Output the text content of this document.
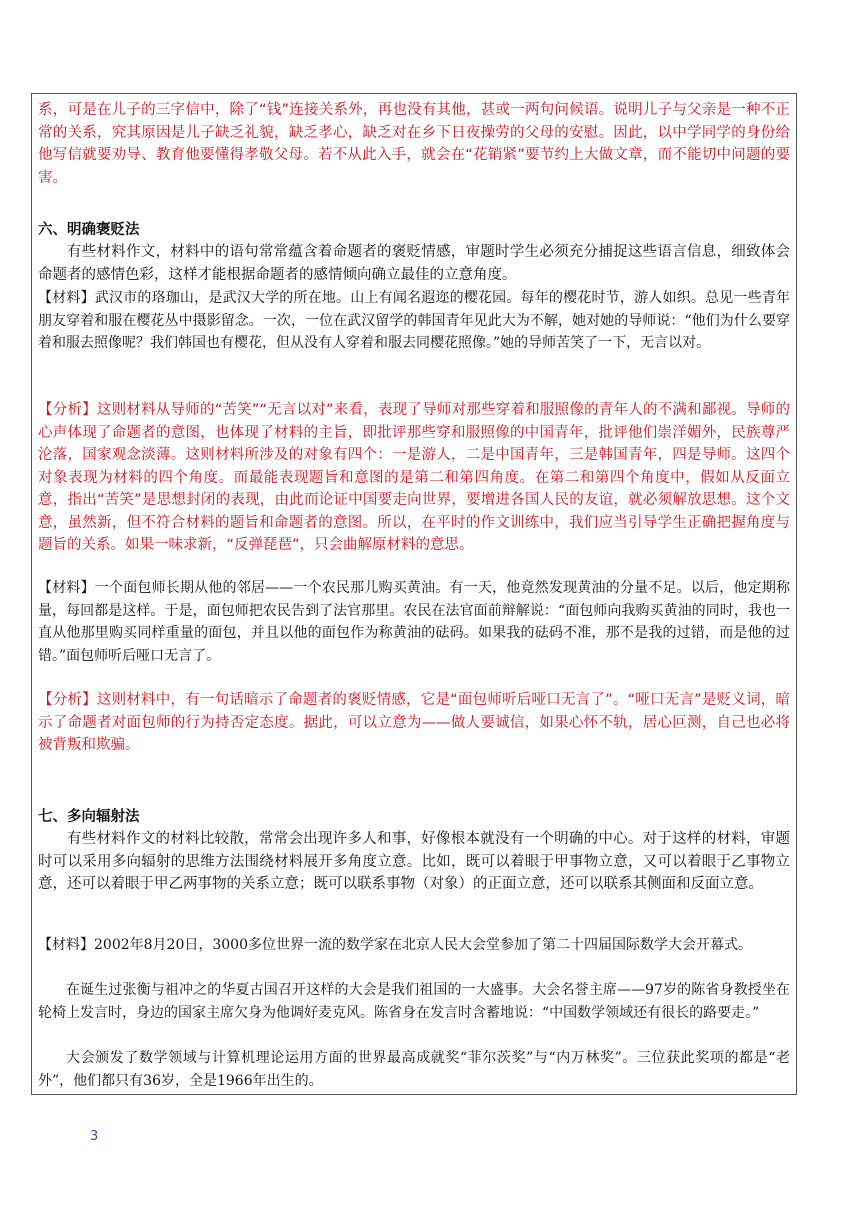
系，可是在儿子的三字信中，除了“钱”连接关系外，再也没有其他，甚或一两句问候语。说明儿子与父亲是一种不正常的关系，究其原因是儿子缺乏礼貌，缺乏孝心，缺乏对在乡下日夜操劳的父母的安慰。因此，以中学同学的身份给他写信就要劝导、教育他要懂得孝敬父母。若不从此入手，就会在“花销紧”要节约上大做文章，而不能切中问题的要害。

六、明确褒贬法

有些材料作文，材料中的语句常常蕴含着命题者的褒贬情感，审题时学生必须充分捕捉这些语言信息，细致体会命题者的感情色彩，这样才能根据命题者的感情倾向确立最佳的立意角度。

【材料】武汉市的珞珈山，是武汉大学的所在地。山上有闻名遐迩的樱花园。每年的樱花时节，游人如织。总见一些青年朋友穿着和服在樱花丛中摄影留念。一次，一位在武汉留学的韩国青年见此大为不解，她对她的导师说：“他们为什么要穿着和服去照像呢？我们韩国也有樱花，但从没有人穿着和服去同樱花照像。”她的导师苦笑了一下，无言以对。

【分析】这则材料从导师的“苦笑”“无言以对”来看，表现了导师对那些穿着和服照像的青年人的不满和鄙视。导师的心声体现了命题者的意图，也体现了材料的主旨，即批评那些穿和服照像的中国青年，批评他们崇洋媚外，民族尊严沦落，国家观念淡薄。这则材料所涉及的对象有四个：一是游人，二是中国青年，三是韩国青年，四是导师。这四个对象表现为材料的四个角度。而最能表现题旨和意图的是第二和第四角度。在第二和第四个角度中，假如从反面立意，指出“苦笑”是思想封闭的表现，由此而论证中国要走向世界，要增进各国人民的友谊，就必须解放思想。这个文意，虽然新，但不符合材料的题旨和命题者的意图。所以，在平时的作文训练中，我们应当引导学生正确把握角度与题旨的关系。如果一味求新，“反弹琵琶”，只会曲解原材料的意思。

【材料】一个面包师长期从他的邻居——一个农民那儿购买黄油。有一天，他竟然发现黄油的分量不足。以后，他定期称量，每回都是这样。于是，面包师把农民告到了法官那里。农民在法官面前辩解说：“面包师向我购买黄油的同时，我也一直从他那里购买同样重量的面包，并且以他的面包作为称黄油的砝码。如果我的砝码不准，那不是我的过错，而是他的过错。”面包师听后哑口无言了。

【分析】这则材料中，有一句话暗示了命题者的褒贬情感，它是“面包师听后哑口无言了”。“哑口无言”是贬义词，暗示了命题者对面包师的行为持否定态度。据此，可以立意为——做人要诚信，如果心怀不轨，居心叵测，自己也必将被背叛和欺骗。

七、多向辐射法

有些材料作文的材料比较散，常常会出现许多人和事，好像根本就没有一个明确的中心。对于这样的材料，审题时可以采用多向辐射的思维方法围绕材料展开多角度立意。比如，既可以着眼于甲事物立意，又可以着眼于乙事物立意，还可以着眼于甲乙两事物的关系立意；既可以联系事物（对象）的正面立意，还可以联系其侧面和反面立意。

【材料】2002年8月20日，3000多位世界一流的数学家在北京人民大会堂参加了第二十四届国际数学大会开幕式。

在诞生过张衡与祖冲之的华夏古国召开这样的大会是我们祖国的一大盛事。大会名誉主席——97岁的陈省身教授坐在轮椅上发言时，身边的国家主席欠身为他调好麦克风。陈省身在发言时含蓄地说：“中国数学领域还有很长的路要走。”

大会颁发了数学领域与计算机理论运用方面的世界最高成就奖“菲尔茨奖”与“内万林奖”。三位获此奖项的都是“老外”，他们都只有36岁，全是1966年出生的。

3
